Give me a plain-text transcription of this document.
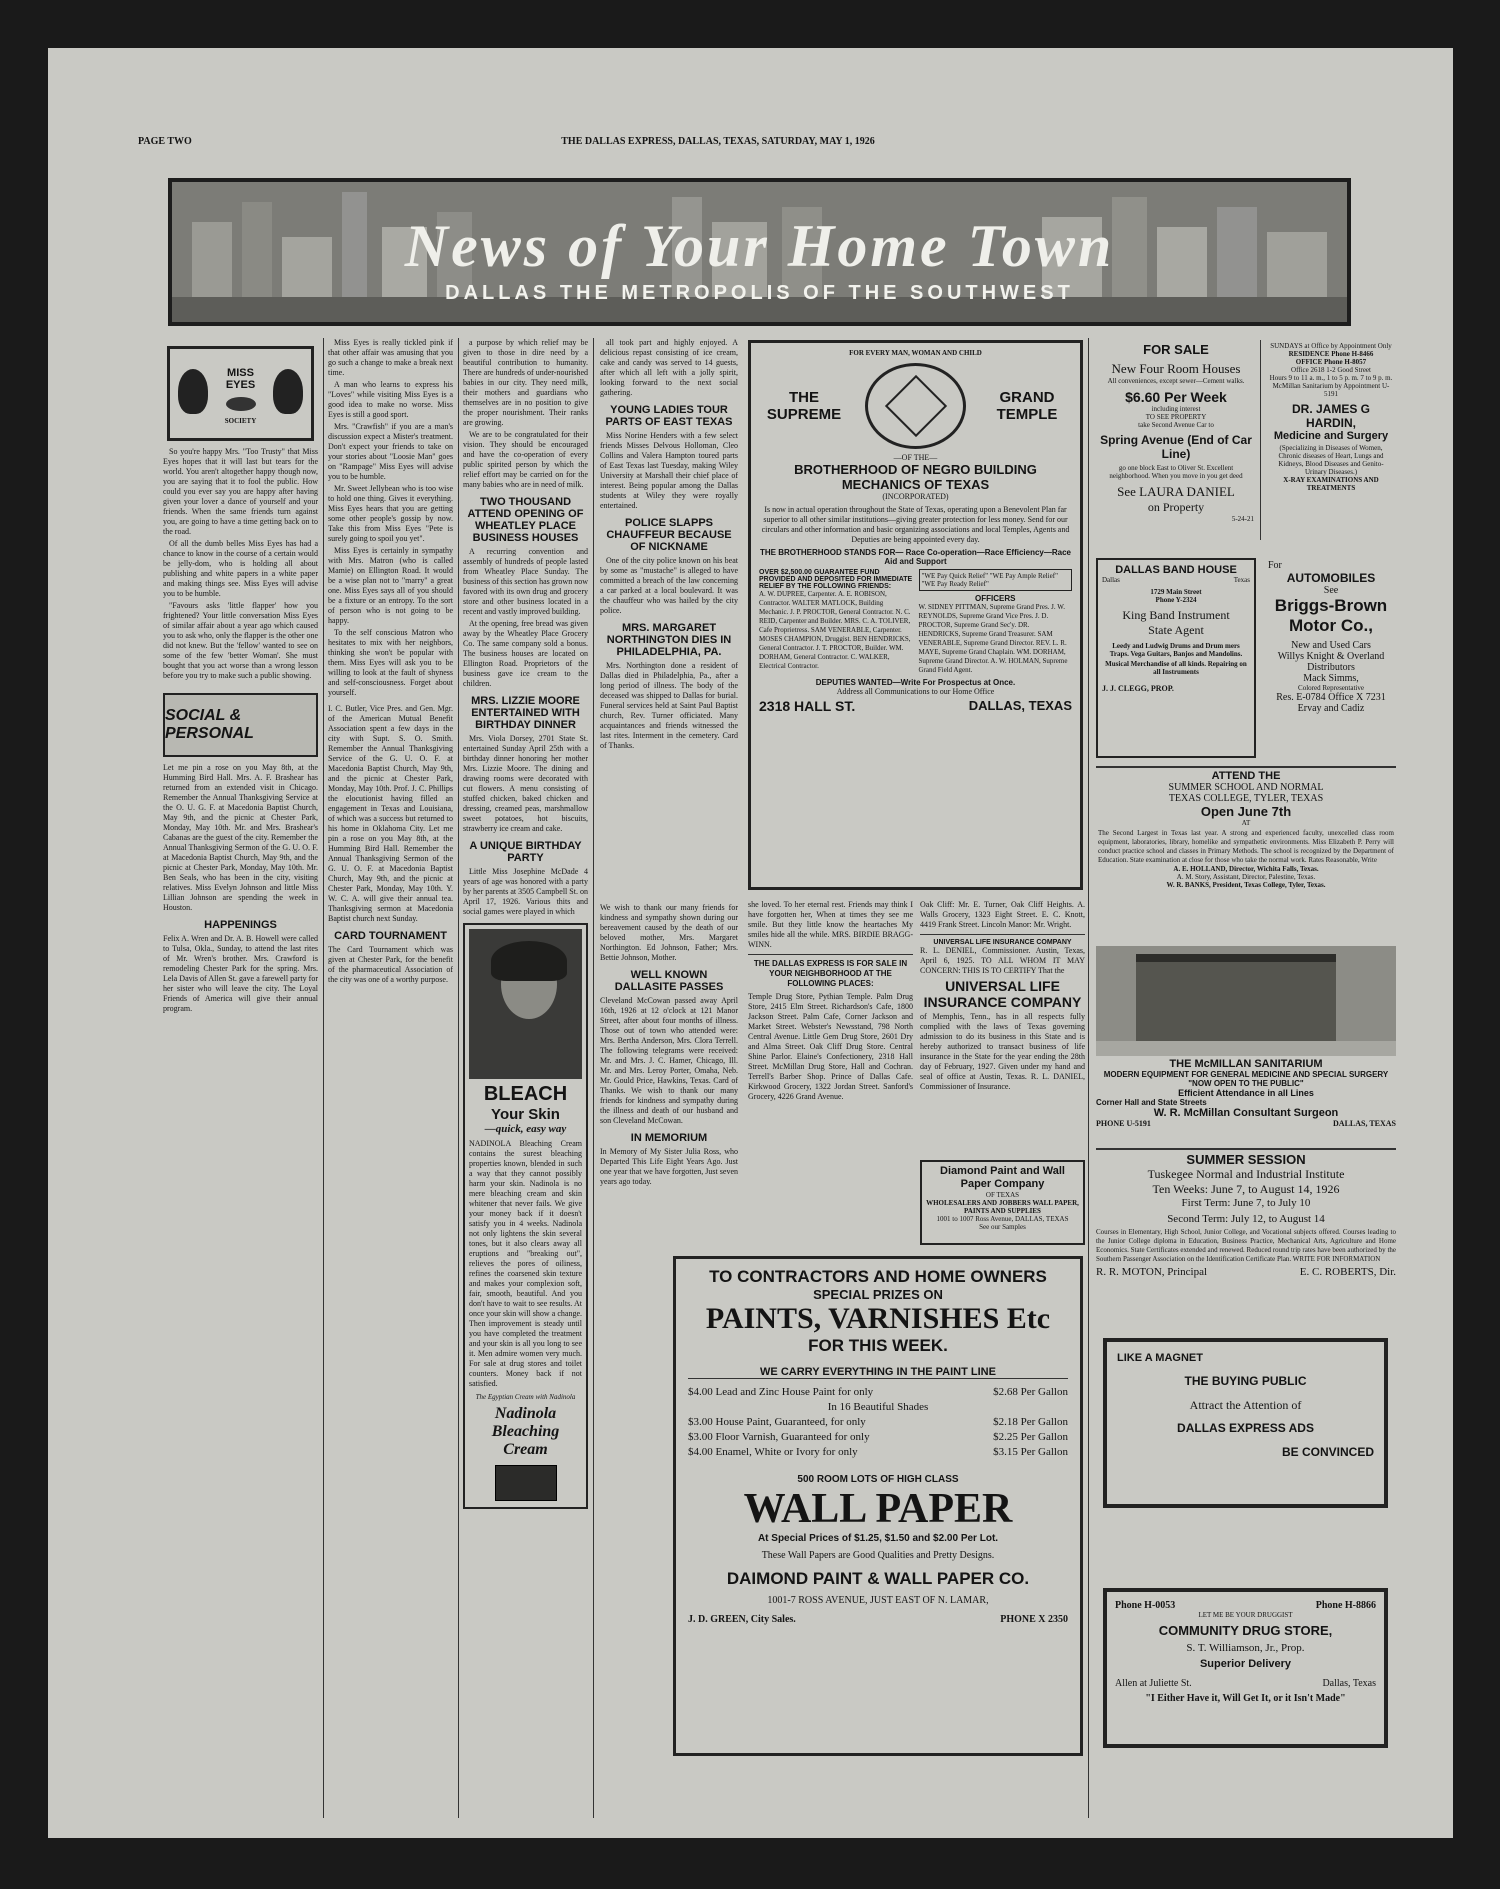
PAGE TWO	THE DALLAS EXPRESS, DALLAS, TEXAS, SATURDAY, MAY 1, 1926
News of Your Home Town
DALLAS THE METROPOLIS OF THE SOUTHWEST
MISS EYES
SOCIETY

So you're happy Mrs. "Too Trusty" that Miss Eyes hopes that it will last but tears for the world. You aren't altogether happy though now, you are saying that it to fool the public. How could you ever say you are happy after having given your lover a dance of yourself and your friends. When the same friends turn against you, are going to have a time getting back on to the road.

Of all the dumb belles Miss Eyes has had a chance to know in the course of a certain would be jelly-dom, who is holding all about publishing and white papers in a white paper and making things see. Miss Eyes will advise you to be humble.

"Favours asks 'little flapper' how you frightened? Your little conversation Miss Eyes of similar affair about a year ago which caused you to ask who, only the flapper is the other one did not knew. But the 'fellow' wanted to see on some of the few 'better Woman'. She must bought that you act worse than a wrong lesson before you try to make such a public showing.

SOCIAL & PERSONAL
Let me pin a rose on you May 8th, at the Humming Bird Hall. Mrs. A. F. Brashear has returned from an extended visit in Chicago. Remember the Annual Thanksgiving Service at the O. U. G. F. at Macedonia Baptist Church, May 9th, and the picnic at Chester Park, Monday, May 10th. Mr. and Mrs. Brashear's Cabanas are the guest of the city. Remember the Annual Thanksgiving Sermon of the G. U. O. F. at Macedonia Baptist Church, May 9th, and the picnic at Chester Park, Monday, May 10th. Mr. Ben Seals, who has been in the city, visiting relatives. Miss Evelyn Johnson and little Miss Lillian Johnson are spending the week in Houston.
HAPPENINGS
Felix A. Wren and Dr. A. B. Howell were called to Tulsa, Okla., Sunday, to attend the last rites of Mr. Wren's brother. Mrs. Crawford is remodeling Chester Park for the spring. Mrs. Lela Davis of Allen St. gave a farewell party for her sister who will leave the city. The Loyal Friends of America will give their annual program.

Miss Eyes is really tickled pink if that other affair was amusing that you go such a change to make a break next time.

A man who learns to express his "Loves" while visiting Miss Eyes is a good idea to make no worse. Miss Eyes is still a good sport.

Mrs. "Crawfish" if you are a man's discussion expect a Mister's treatment. Don't expect your friends to take on your stories about "Loosie Man" goes on "Rampage" Miss Eyes will advise you to be humble.

Mr. Sweet Jellybean who is too wise to hold one thing. Gives it everything. Miss Eyes hears that you are getting some other people's gossip by now. Take this from Miss Eyes "Pete is surely going to spoil you yet".

Miss Eyes is certainly in sympathy with Mrs. Matron (who is called Mamie) on Ellington Road. It would be a wise plan not to "marry" a great one. Miss Eyes says all of you should be a fixture or an entropy. To the sort of person who is not going to be happy.

To the self conscious Matron who hesitates to mix with her neighbors, thinking she won't be popular with them. Miss Eyes will ask you to be willing to look at the fault of shyness and self-consciousness. Forget about yourself.

I. C. Butler, Vice Pres. and Gen. Mgr. of the American Mutual Benefit Association spent a few days in the city with Supt. S. O. Smith. Remember the Annual Thanksgiving Service of the G. U. O. F. at Macedonia Baptist Church, May 9th, and the picnic at Chester Park, Monday, May 10th. Prof. J. C. Phillips the elocutionist having filled an engagement in Texas and Louisiana, of which was a success but returned to his home in Oklahoma City. Let me pin a rose on you May 8th, at the Humming Bird Hall. Remember the Annual Thanksgiving Sermon of the G. U. O. F. at Macedonia Baptist Church, May 9th, and the picnic at Chester Park, Monday, May 10th. Y. W. C. A. will give their annual tea. Thanksgiving sermon at Macedonia Baptist church next Sunday.
CARD TOURNAMENT
The Card Tournament which was given at Chester Park, for the benefit of the pharmaceutical Association of the city was one of a worthy purpose.

a purpose by which relief may be given to those in dire need by a beautiful contribution to humanity. There are hundreds of under-nourished babies in our city. They need milk, their mothers and guardians who themselves are in no position to give the proper nourishment. Their ranks are growing.

We are to be congratulated for their vision. They should be encouraged and have the co-operation of every public spirited person by which the relief effort may be carried on for the many babies who are in need of milk.

TWO THOUSAND ATTEND OPENING OF WHEATLEY PLACE BUSINESS HOUSES

A recurring convention and assembly of hundreds of people lasted from Wheatley Place Sunday. The business of this section has grown now favored with its own drug and grocery store and other business located in a recent and vastly improved building.

At the opening, free bread was given away by the Wheatley Place Grocery Co. The same company sold a bonus. The business houses are located on Ellington Road. Proprietors of the business gave ice cream to the children.

MRS. LIZZIE MOORE ENTERTAINED WITH BIRTHDAY DINNER

Mrs. Viola Dorsey, 2701 State St. entertained Sunday April 25th with a birthday dinner honoring her mother Mrs. Lizzie Moore. The dining and drawing rooms were decorated with cut flowers. A menu consisting of stuffed chicken, baked chicken and dressing, creamed peas, marshmallow sweet potatoes, hot biscuits, strawberry ice cream and cake.

A UNIQUE BIRTHDAY PARTY

Little Miss Josephine McDade 4 years of age was honored with a party by her parents at 3505 Campbell St. on April 17, 1926. Various thits and social games were played in which

BLEACH
Your Skin
—quick, easy way
NADINOLA Bleaching Cream contains the surest bleaching properties known, blended in such a way that they cannot possibly harm your skin. Nadinola is no mere bleaching cream and skin whitener that never fails. We give your money back if it doesn't satisfy you in 4 weeks. Nadinola not only lightens the skin several tones, but it also clears away all eruptions and "breaking out", relieves the pores of oiliness, refines the coarsened skin texture and makes your complexion soft, fair, smooth, beautiful. And you don't have to wait to see results. At once your skin will show a change. Then improvement is steady until you have completed the treatment and your skin is all you long to see it. Men admire women very much. For sale at drug stores and toilet counters. Money back if not satisfied.
The Egyptian Cream with Nadinola
Nadinola Bleaching Cream

all took part and highly enjoyed. A delicious repast consisting of ice cream, cake and candy was served to 14 guests, after which all left with a jolly spirit, looking forward to the next social gathering.

YOUNG LADIES TOUR PARTS OF EAST TEXAS

Miss Norine Henders with a few select friends Misses Delvous Holloman, Cleo Collins and Valera Hampton toured parts of East Texas last Tuesday, making Wiley University at Marshall their chief place of interest. Being popular among the Dallas students at Wiley they were royally entertained.

POLICE SLAPPS CHAUFFEUR BECAUSE OF NICKNAME

One of the city police known on his beat by some as "mustache" is alleged to have committed a breach of the law concerning a car parked at a local boulevard. It was the chauffeur who was hailed by the city police.

MRS. MARGARET NORTHINGTON DIES IN PHILADELPHIA, PA.

Mrs. Northington done a resident of Dallas died in Philadelphia, Pa., after a long period of illness. The body of the deceased was shipped to Dallas for burial. Funeral services held at Saint Paul Baptist church, Rev. Turner officiated. Many acquaintances and friends witnessed the last rites. Interment in the cemetery. Card of Thanks.

We wish to thank our many friends for kindness and sympathy shown during our bereavement caused by the death of our beloved mother, Mrs. Margaret Northington. Ed Johnson, Father; Mrs. Bettie Johnson, Mother.
WELL KNOWN DALLASITE PASSES
Cleveland McCowan passed away April 16th, 1926 at 12 o'clock at 121 Manor Street, after about four months of illness. Those out of town who attended were: Mrs. Bertha Anderson, Mrs. Clora Terrell. The following telegrams were received: Mr. and Mrs. J. C. Hamer, Chicago, Ill. Mr. and Mrs. Leroy Porter, Omaha, Neb. Mr. Gould Price, Hawkins, Texas. Card of Thanks. We wish to thank our many friends for kindness and sympathy during the illness and death of our husband and son Cleveland McCowan.
IN MEMORIUM
In Memory of My Sister Julia Ross, who Departed This Life Eight Years Ago. Just one year that we have forgotten, Just seven years ago today.
FOR EVERY MAN, WOMAN AND CHILD
THE SUPREME
GRAND TEMPLE
—OF THE—
BROTHERHOOD OF NEGRO BUILDING MECHANICS OF TEXAS
(INCORPORATED)
Is now in actual operation throughout the State of Texas, operating upon a Benevolent Plan far superior to all other similar institutions—giving greater protection for less money. Send for our circulars and other information and basic organizing associations and local Temples, Agents and Deputies are being appointed every day.
THE BROTHERHOOD STANDS FOR— Race Co-operation—Race Efficiency—Race Aid and Support
OVER $2,500.00 GUARANTEE FUND PROVIDED AND DEPOSITED FOR IMMEDIATE RELIEF BY THE FOLLOWING FRIENDS:
A. W. DUPREE, Carpenter. A. E. ROBISON, Contractor. WALTER MATLOCK, Building Mechanic. J. P. PROCTOR, General Contractor. N. C. REID, Carpenter and Builder. MRS. C. A. TOLIVER, Cafe Proprietress. SAM VENERABLE, Carpenter. MOSES CHAMPION, Druggist. BEN HENDRICKS, General Contractor. J. T. PROCTOR, Builder. WM. DORHAM, General Contractor. C. WALKER, Electrical Contractor.
"WE Pay Quick Relief" "WE Pay Ample Relief" "WE Pay Ready Relief"
OFFICERS
W. SIDNEY PITTMAN, Supreme Grand Pres. J. W. REYNOLDS, Supreme Grand Vice Pres. J. D. PROCTOR, Supreme Grand Sec'y. DR. HENDRICKS, Supreme Grand Treasurer. SAM VENERABLE, Supreme Grand Director. REV. L. R. MAYE, Supreme Grand Chaplain. WM. DORHAM, Supreme Grand Director. A. W. HOLMAN, Supreme Grand Field Agent.
DEPUTIES WANTED—Write For Prospectus at Once.
Address all Communications to our Home Office
2318 HALL ST.	DALLAS, TEXAS
she loved. To her eternal rest. Friends may think I have forgotten her, When at times they see me smile. But they little know the heartaches My smiles hide all the while. MRS. BIRDIE BRAGG-WINN.
THE DALLAS EXPRESS IS FOR SALE IN YOUR NEIGHBORHOOD AT THE FOLLOWING PLACES:
Temple Drug Store, Pythian Temple. Palm Drug Store, 2415 Elm Street. Richardson's Cafe, 1800 Jackson Street. Palm Cafe, Corner Jackson and Market Street. Webster's Newsstand, 798 North Central Avenue. Little Gem Drug Store, 2601 Dry and Alma Street. Oak Cliff Drug Store. Central Shine Parlor. Elaine's Confectionery, 2318 Hall Street. McMillan Drug Store, Hall and Cochran. Terrell's Barber Shop. Prince of Dallas Cafe. Kirkwood Grocery, 1322 Jordan Street. Sanford's Grocery, 4226 Grand Avenue.
Oak Cliff: Mr. E. Turner, Oak Cliff Heights. A. Walls Grocery, 1323 Eight Street. E. C. Knott, 4419 Frank Street. Lincoln Manor: Mr. Wright.
UNIVERSAL LIFE INSURANCE COMPANY
R. L. DENIEL, Commissioner. Austin, Texas, April 6, 1925. TO ALL WHOM IT MAY CONCERN: THIS IS TO CERTIFY That the
UNIVERSAL LIFE INSURANCE COMPANY
of Memphis, Tenn., has in all respects fully complied with the laws of Texas governing admission to do its business in this State and is hereby authorized to transact business of life insurance in the State for the year ending the 28th day of February, 1927. Given under my hand and seal of office at Austin, Texas. R. L. DANIEL, Commissioner of Insurance.
Diamond Paint and Wall Paper Company
OF TEXAS
WHOLESALERS AND JOBBERS WALL PAPER, PAINTS AND SUPPLIES
1001 to 1007 Ross Avenue, DALLAS, TEXAS
See our Samples
TO CONTRACTORS AND HOME OWNERS
SPECIAL PRIZES ON
PAINTS, VARNISHES Etc
FOR THIS WEEK.
WE CARRY EVERYTHING IN THE PAINT LINE
$4.00 Lead and Zinc House Paint for only	$2.68 Per Gallon
In 16 Beautiful Shades
$3.00 House Paint, Guaranteed, for only	$2.18 Per Gallon
$3.00 Floor Varnish, Guaranteed for only	$2.25 Per Gallon
$4.00 Enamel, White or Ivory for only	$3.15 Per Gallon
500 ROOM LOTS OF HIGH CLASS
WALL PAPER
At Special Prices of $1.25, $1.50 and $2.00 Per Lot.
These Wall Papers are Good Qualities and Pretty Designs.
DAIMOND PAINT & WALL PAPER CO.
1001-7 ROSS AVENUE, JUST EAST OF N. LAMAR,
J. D. GREEN, City Sales.	PHONE X 2350
FOR SALE
New Four Room Houses
All conveniences, except sewer—Cement walks.
$6.60 Per Week
including interest
TO SEE PROPERTY
take Second Avenue Car to
Spring Avenue (End of Car Line)
go one block East to Oliver St. Excellent neighborhood. When you move in you get deed
See LAURA DANIEL
on Property
5-24-21
SUNDAYS at Office by Appointment Only
RESIDENCE Phone H-8466
OFFICE Phone H-8057
Office 2618 1-2 Good Street
Hours 9 to 11 a. m., 1 to 5 p. m. 7 to 9 p. m.
McMillan Sanitarium by Appointment U-5191
DR. JAMES G HARDIN,
Medicine and Surgery
(Specializing in Diseases of Women, Chronic diseases of Heart, Lungs and Kidneys, Blood Diseases and Genito-Urinary Diseases.)
X-RAY EXAMINATIONS AND TREATMENTS
DALLAS BAND HOUSE
Dallas	Texas
1729 Main Street
Phone Y-2324
King Band Instrument
State Agent
Leedy and Ludwig Drums and Drum mers Traps. Vega Guitars, Banjos and Mandolins.
Musical Merchandise of all kinds. Repairing on all Instruments
J. J. CLEGG, PROP.
For
AUTOMOBILES
See
Briggs-Brown
Motor Co.,
New and Used Cars
Willys Knight & Overland
Distributors
Mack Simms,
Colored Representative
Res. E-0784 Office X 7231
Ervay and Cadiz
ATTEND THE
SUMMER SCHOOL AND NORMAL
TEXAS COLLEGE, TYLER, TEXAS
Open June 7th
AT
The Second Largest in Texas last year. A strong and experienced faculty, unexcelled class room equipment, laboratories, library, homelike and sympathetic environments. Miss Elizabeth P. Perry will conduct practice school and classes in Primary Methods. The school is recognized by the Department of Education. State examination at close for those who take the normal work. Rates Reasonable, Write
A. E. HOLLAND, Director, Wichita Falls, Texas.
A. M. Story, Assistant, Director, Palestine, Texas.
W. R. BANKS, President, Texas College, Tyler, Texas.
THE McMILLAN SANITARIUM
MODERN EQUIPMENT FOR GENERAL MEDICINE AND SPECIAL SURGERY
"NOW OPEN TO THE PUBLIC"
Efficient Attendance in all Lines
Corner Hall and State Streets
W. R. McMillan Consultant Surgeon
PHONE U-5191	DALLAS, TEXAS
SUMMER SESSION
Tuskegee Normal and Industrial Institute
Ten Weeks: June 7, to August 14, 1926
First Term: June 7, to July 10
Second Term: July 12, to August 14
Courses in Elementary, High School, Junior College, and Vocational subjects offered. Courses leading to the Junior College diploma in Education, Business Practice, Mechanical Arts, Agriculture and Home Economics. State Certificates extended and renewed. Reduced round trip rates have been authorized by the Southern Passenger Association on the Identification Certificate Plan. WRITE FOR INFORMATION
R. R. MOTON, Principal	E. C. ROBERTS, Dir.
LIKE A MAGNET
THE BUYING PUBLIC
Attract the Attention of
DALLAS EXPRESS ADS
BE CONVINCED
Phone H-0053	Phone H-8866
LET ME BE YOUR DRUGGIST
COMMUNITY DRUG STORE,
S. T. Williamson, Jr., Prop.
Superior Delivery
Allen at Juliette St.	Dallas, Texas
"I Either Have it, Will Get It, or it Isn't Made"
